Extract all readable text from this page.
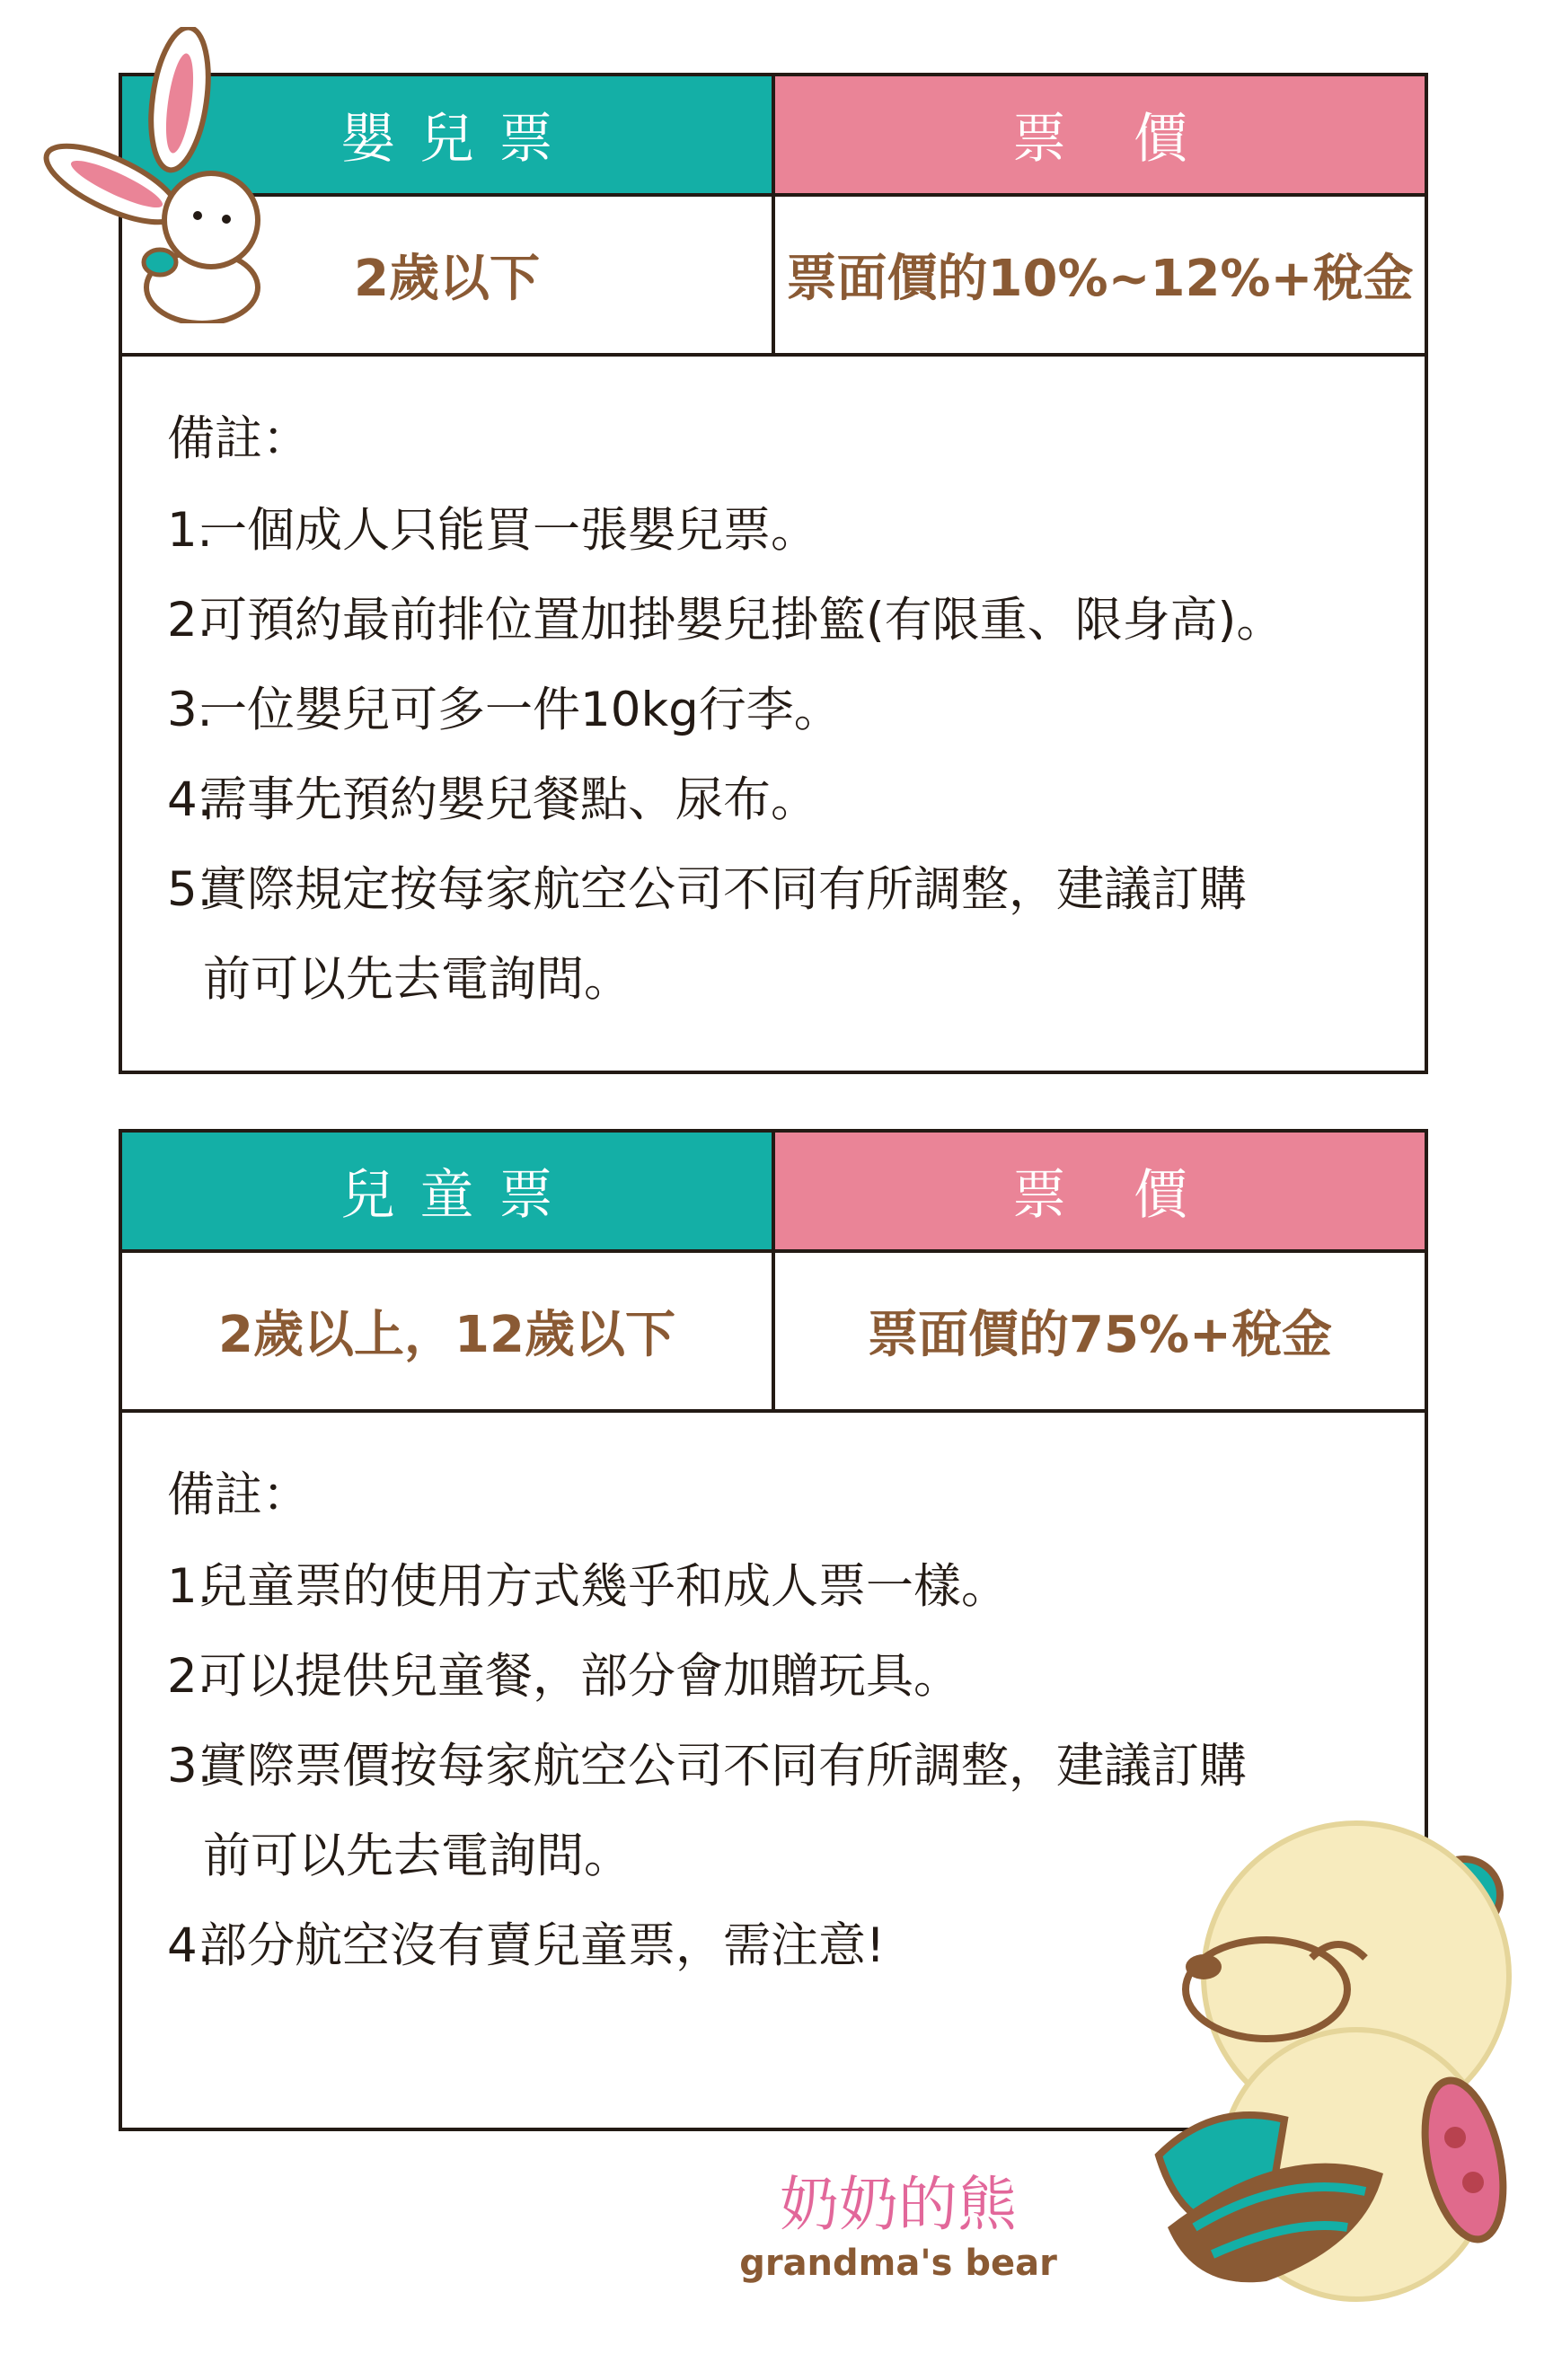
嬰兒票	票 價
2歲以下	票面價的10%~12%+稅金
備註：
1.一個成人只能買一張嬰兒票。
2.可預約最前排位置加掛嬰兒掛籃(有限重、限身高)。
3.一位嬰兒可多一件10kg行李。
4.需事先預約嬰兒餐點、尿布。
5.實際規定按每家航空公司不同有所調整，建議訂購
前可以先去電詢問。
兒童票	票 價
2歲以上，12歲以下	票面價的75%+稅金
備註：
1.兒童票的使用方式幾乎和成人票一樣。
2.可以提供兒童餐，部分會加贈玩具。
3.實際票價按每家航空公司不同有所調整，建議訂購
前可以先去電詢問。
4.部分航空沒有賣兒童票，需注意!
奶奶的熊
grandma's bear
